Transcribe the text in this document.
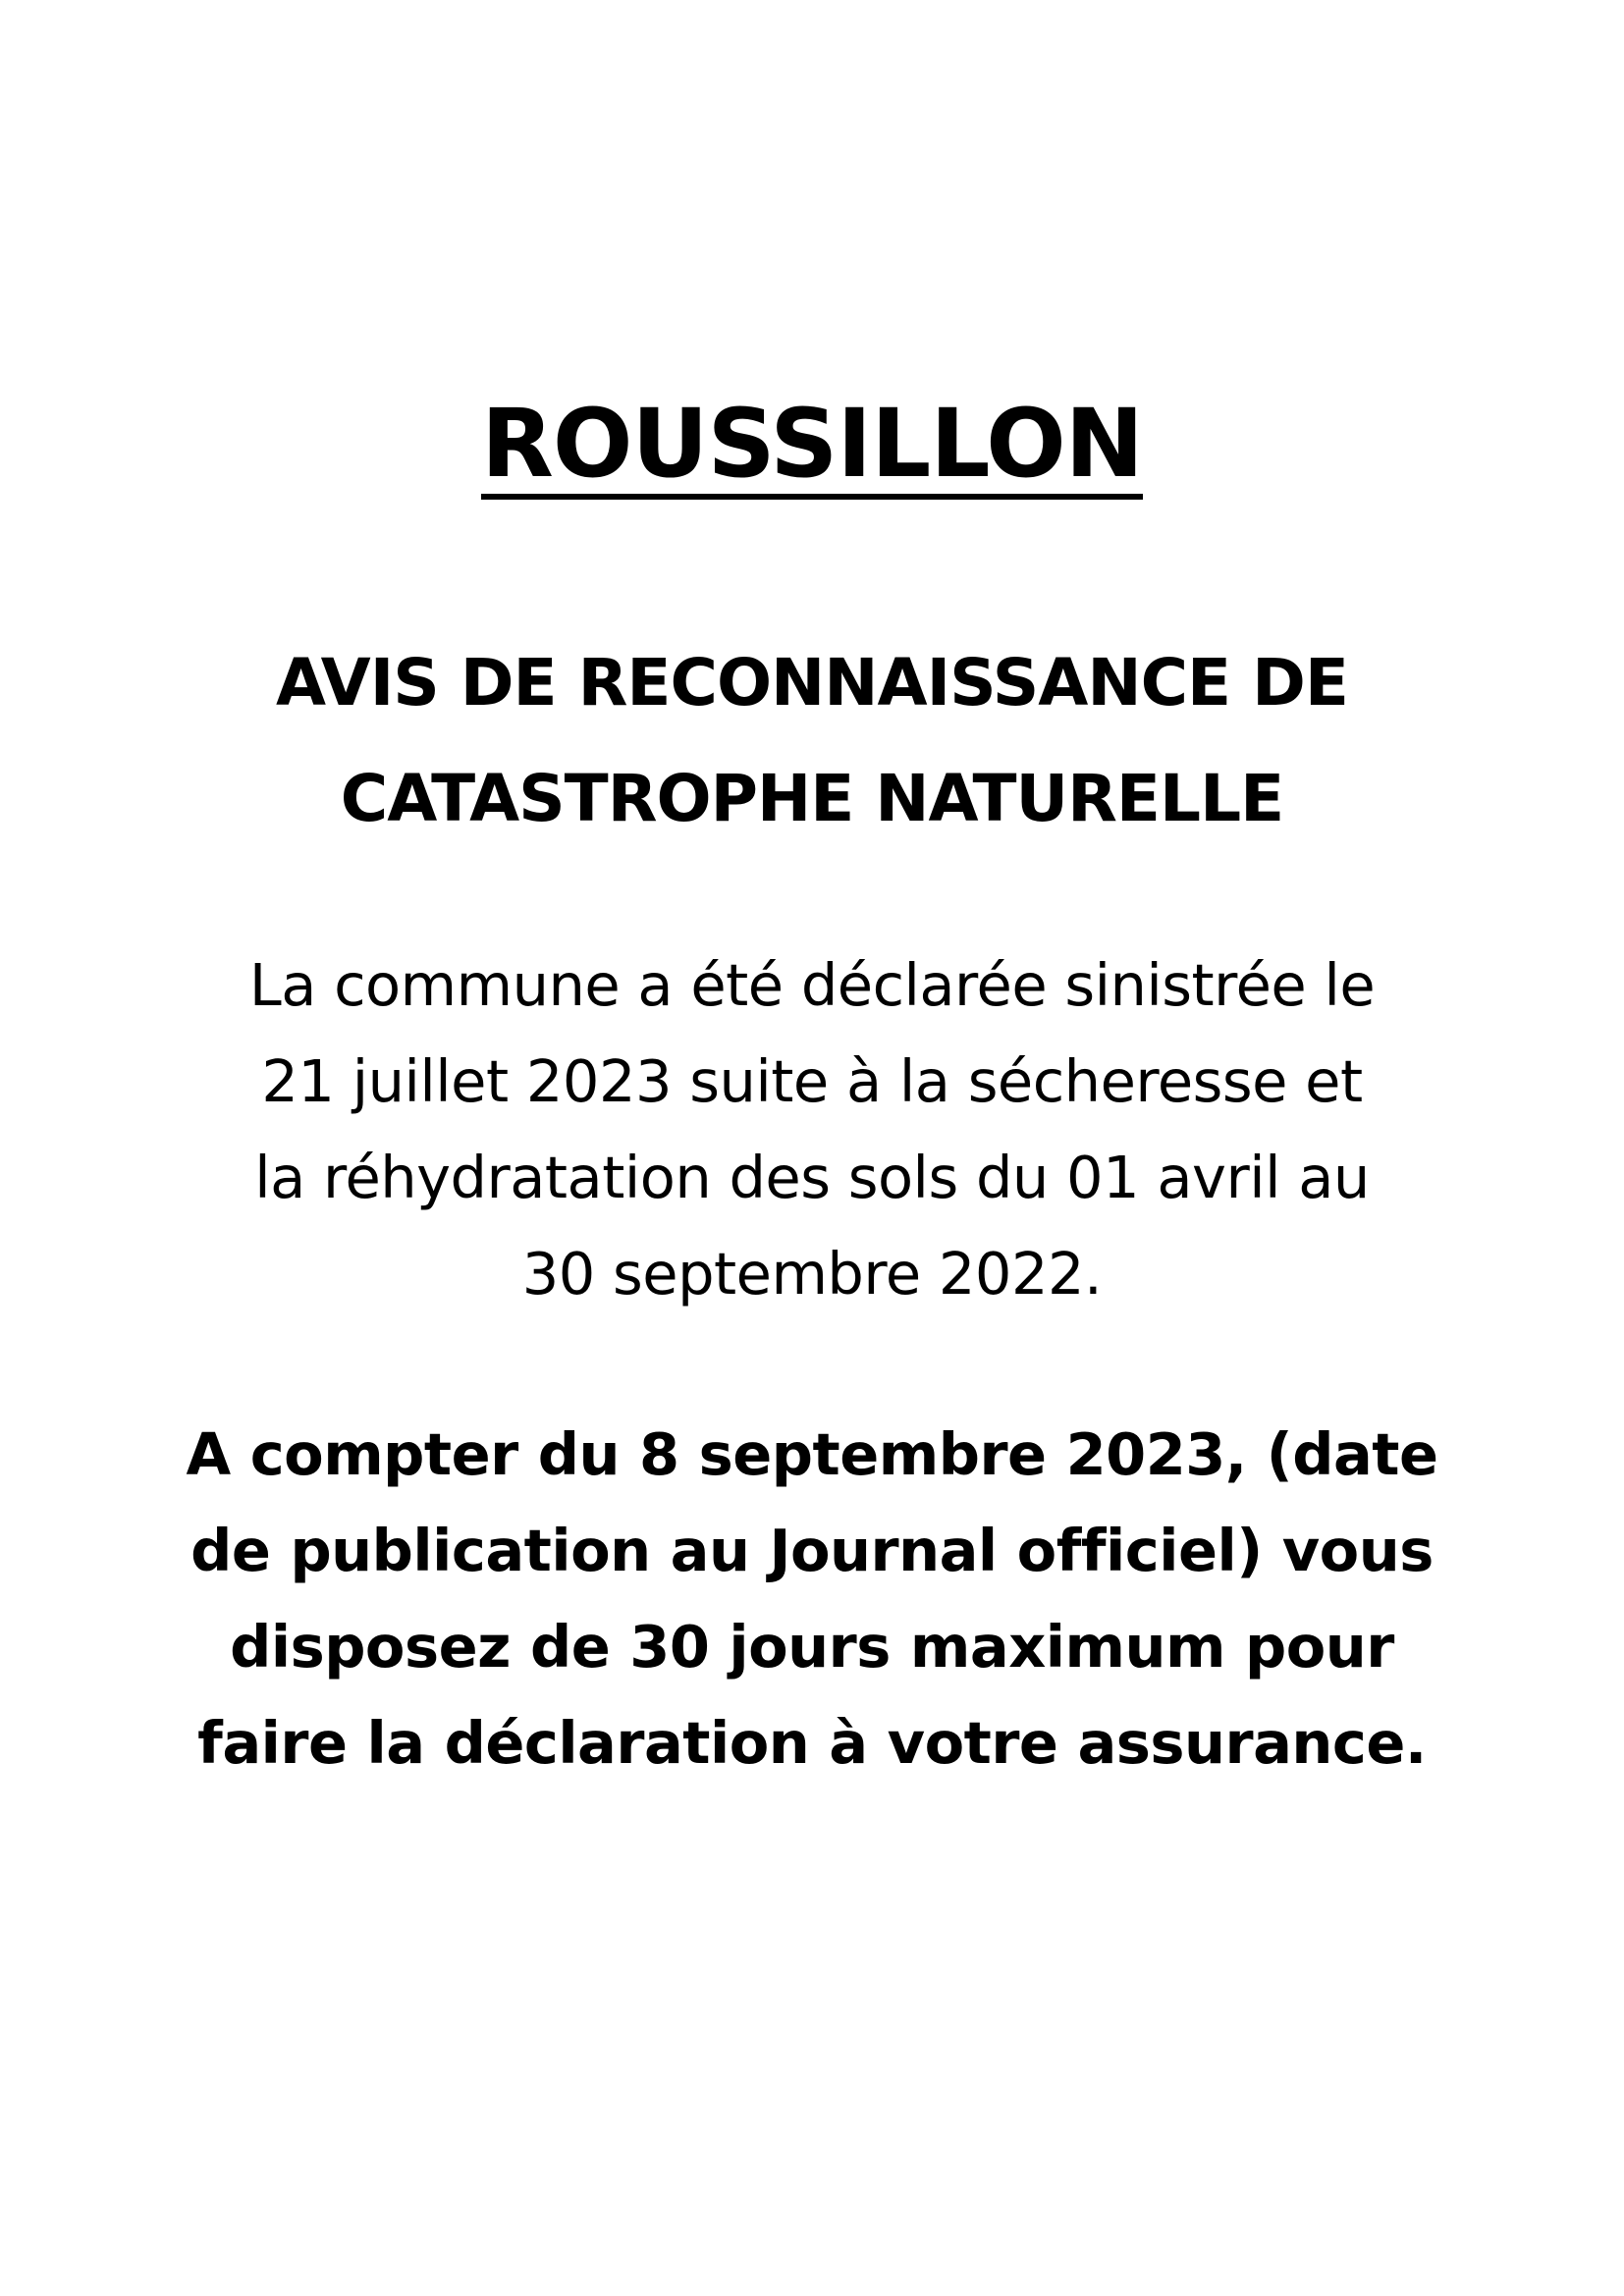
ROUSSILLON
AVIS DE RECONNAISSANCE DE
CATASTROPHE NATURELLE
La commune a été déclarée sinistrée le
21 juillet 2023 suite à la sécheresse et
la réhydratation des sols du 01 avril au
30 septembre 2022.
A compter du 8 septembre 2023, (date
de publication au Journal officiel) vous
disposez de 30 jours maximum pour
faire la déclaration à votre assurance.
